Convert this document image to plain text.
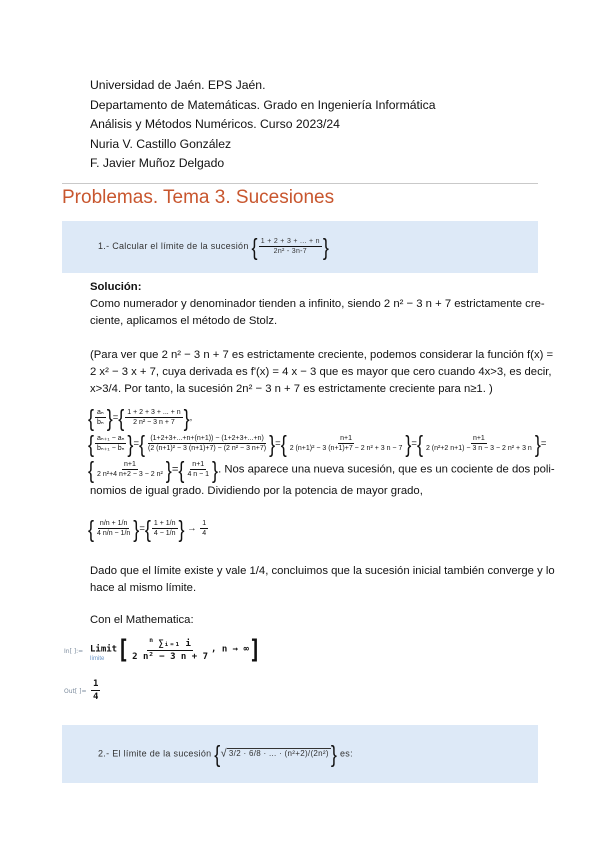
Universidad de Jaén. EPS Jaén.
Departamento de Matemáticas. Grado en Ingeniería Informática
Análisis y Métodos Numéricos. Curso 2023/24
Nuria V. Castillo González
F. Javier Muñoz Delgado
Problemas. Tema 3. Sucesiones
1.- Calcular el límite de la sucesión { $\frac{1 + 2 + 3 + ... + n}{\text{2n² - 3n-7}}$ }
Solución:
Como numerador y denominador tienden a infinito, siendo 2 n² − 3 n + 7 estrictamente cre-
ciente, aplicamos el método de Stolz.
(Para ver que 2 n² − 3 n + 7 es estrictamente creciente, podemos considerar la función f(x) =
2 x² − 3 x + 7, cuya derivada es f'(x) = 4 x − 3 que es mayor que cero cuando 4x>3, es decir,
x>3/4. Por tanto, la sucesión 2n² − 3 n + 7 es estrictamente creciente para n≥1. )
{ $\frac{\text{aₙ}}{\text{bₙ}}$ }={ $\frac{1 + 2 + 3 + ... + n}{\text{2 n² − 3 n + 7}}$ },
{ $\frac{\text{aₙ₊₁ − aₙ}}{\text{bₙ₊₁ − bₙ}}$ }={ $\frac{(1+2+3+...+n+(n+1)) - (1+2+3+...+n)}{\text{(2 (n+1)² − 3 (n+1)+7) − (2 n² − 3 n+7)}}$ }={ $\frac{n+1}{\text{2 (n+1)² − 3 (n+1)+7 − 2 n² + 3 n − 7}}$ }={ $\frac{n+1}{\text{2 (n²+2 n+1) − 3 n − 3 − 2 n² + 3 n}}$ }=
{ $\frac{n+1}{\text{2 n²+4 n+2 − 3 − 2 n²}}$ }={ $\frac{n+1}{4 n - 1}$ }. Nos aparece una nueva sucesión, que es un cociente de dos poli-
nomios de igual grado. Dividiendo por la potencia de mayor grado,
{ $\frac{n/n + 1/n}{4 n/n - 1/n}$ }={ $\frac{1 + 1/n}{4 - 1/n}$ } → $\frac{1}{4}$
Dado que el límite existe y vale 1/4, concluimos que la sucesión inicial también converge y lo
hace al mismo límite.
Con el Mathematica:
In[ ]:= Limit[ $\frac{^n \sum ᵢ_{=1} i}{\text{2 n² − 3 n + 7}}$ , n → ∞]
límite
Out[ ]= $\frac{1}{4}$
2.- El límite de la sucesión {√ 3/2 · 6/8 · ... · (n²+2)/(2n²) } es:
